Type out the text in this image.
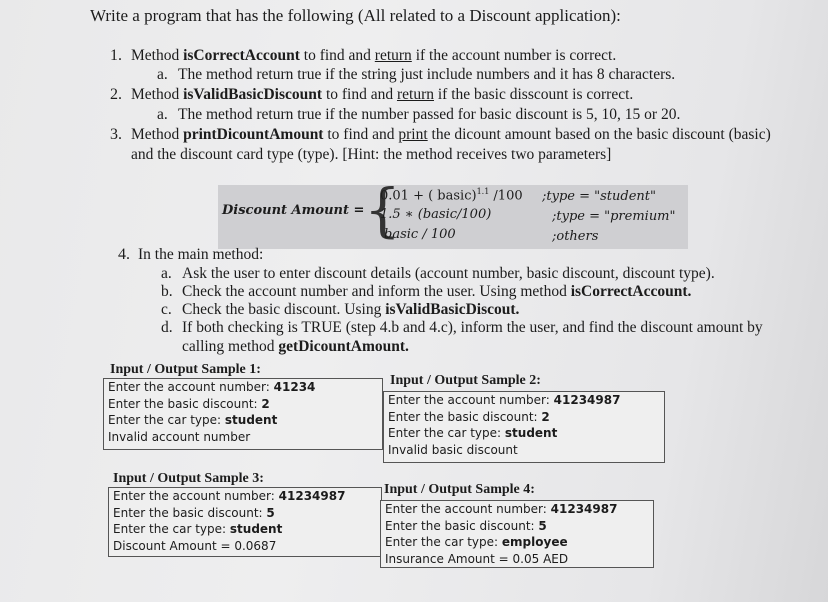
Write a program that has the following (All related to a Discount application):
1. Method isCorrectAccount to find and return if the account number is correct.
a. The method return true if the string just include numbers and it has 8 characters.
2. Method isValidBasicDiscount to find and return if the basic disscount is correct.
a. The method return true if the number passed for basic discount is 5, 10, 15 or 20.
3. Method printDicountAmount to find and print the dicount amount based on the basic discount (basic)
and the discount card type (type). [Hint: the method receives two parameters]
Discount Amount = {
0.01 + ( basic)$^{1.1}$ /100
1.5 ∗ (basic/100)
basic / 100
;type = "student"
;type = "premium"
;others
4. In the main method:
a. Ask the user to enter discount details (account number, basic discount, discount type).
b. Check the account number and inform the user. Using method isCorrectAccount.
c. Check the basic discount. Using isValidBasicDiscout.
d. If both checking is TRUE (step 4.b and 4.c), inform the user, and find the discount amount by
calling method getDicountAmount.
Input / Output Sample 1:
Enter the account number: 41234
Enter the basic discount: 2
Enter the car type: student
Invalid account number
Input / Output Sample 2:
Enter the account number: 41234987
Enter the basic discount: 2
Enter the car type: student
Invalid basic discount
Input / Output Sample 3:
Enter the account number: 41234987
Enter the basic discount: 5
Enter the car type: student
Discount Amount = 0.0687
Input / Output Sample 4:
Enter the account number: 41234987
Enter the basic discount: 5
Enter the car type: employee
Insurance Amount = 0.05 AED
